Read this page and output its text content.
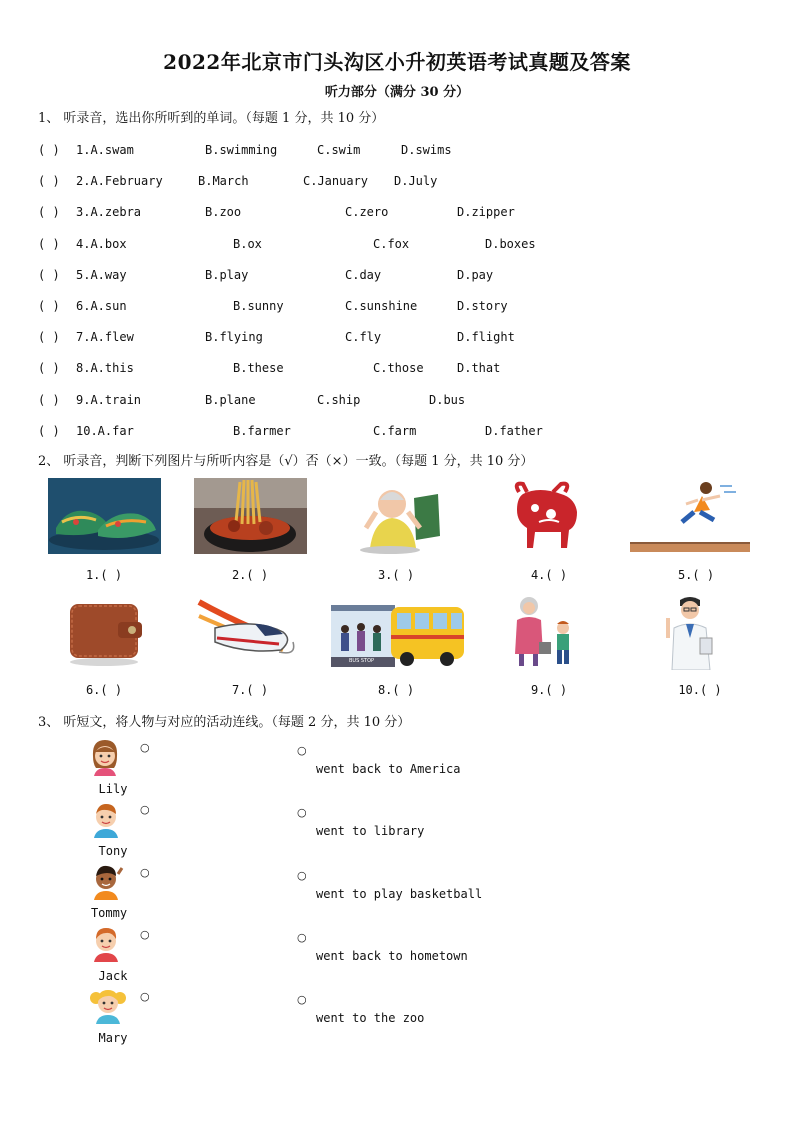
2022年北京市门头沟区小升初英语考试真题及答案
听力部分（满分 30 分）
1、 听录音，选出你所听到的单词。（每题 1 分，共 10 分）
( ) 1.A.swam	B.swimming	C.swim	D.swims
( ) 2.A.February	B.March	C.January D.July
( ) 3.A.zebra	B.zoo	C.zero	D.zipper
( ) 4.A.box	B.ox	C.fox	D.boxes
( ) 5.A.way	B.play	C.day	D.pay
( ) 6.A.sun	B.sunny	C.sunshine	D.story
( ) 7.A.flew	B.flying	C.fly	D.flight
( ) 8.A.this	B.these	C.those	D.that
( ) 9.A.train	B.plane	C.ship	D.bus
( ) 10.A.far	B.farmer	C.farm	D.father
2、 听录音，判断下列图片与所听内容是（√）否（×）一致。（每题 1 分，共 10 分）
1.( )	2.( )	3.( )	4.( )	5.( )
BUS STOP
6.( )	7.( )	8.( )	9.( )	10.( )
3、 听短文，将人物与对应的活动连线。（每题 2 分，共 10 分）
Lily
○	○
went back to America
Tony
○	○
went to library
Tommy
○	○
went to play basketball
Jack
○	○
went back to hometown
Mary
○	○
went to the zoo
